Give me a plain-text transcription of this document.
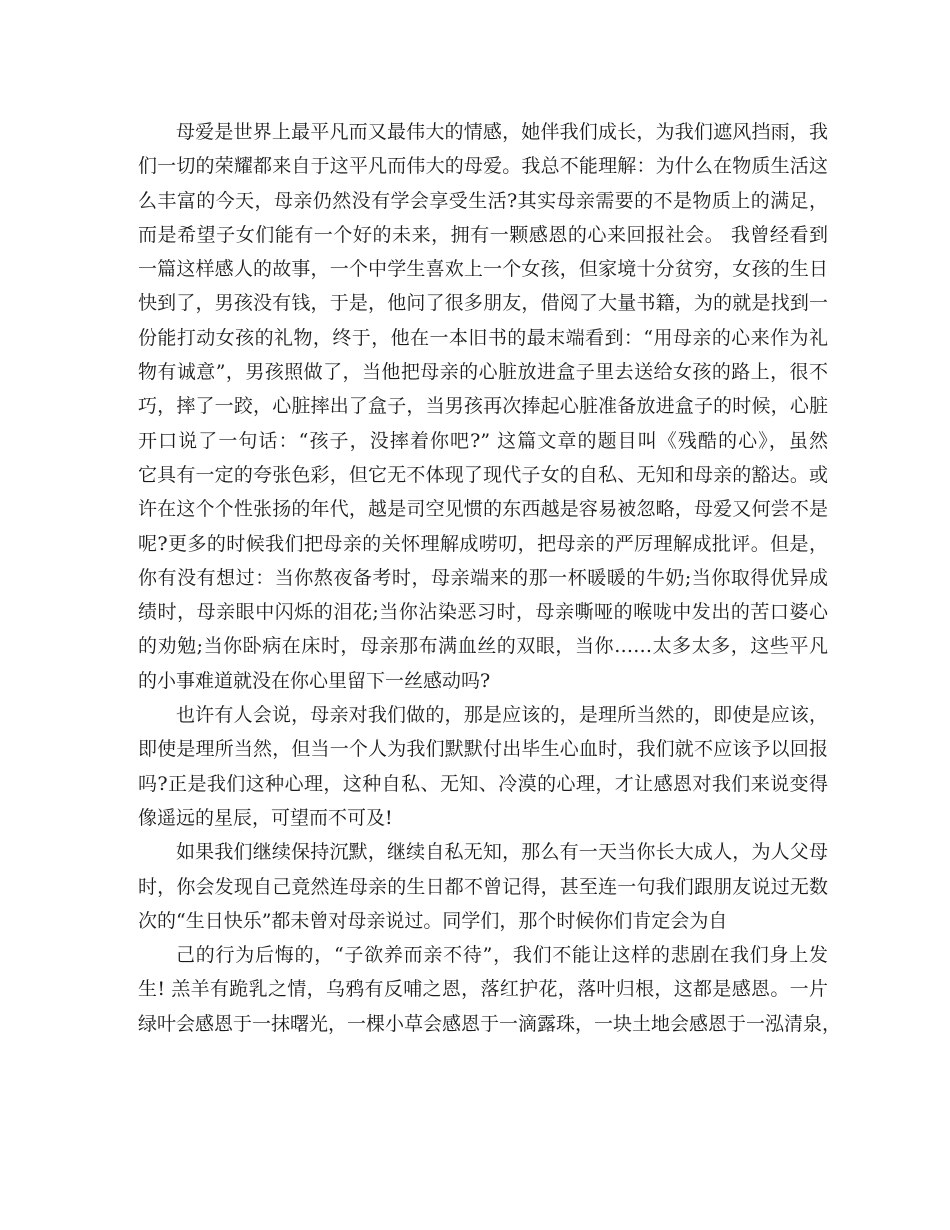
母爱是世界上最平凡而又最伟大的情感，她伴我们成长，为我们遮风挡雨，我
们一切的荣耀都来自于这平凡而伟大的母爱。我总不能理解：为什么在物质生活这
么丰富的今天，母亲仍然没有学会享受生活?其实母亲需要的不是物质上的满足，
而是希望子女们能有一个好的未来，拥有一颗感恩的心来回报社会。 我曾经看到
一篇这样感人的故事，一个中学生喜欢上一个女孩，但家境十分贫穷，女孩的生日
快到了，男孩没有钱，于是，他问了很多朋友，借阅了大量书籍，为的就是找到一
份能打动女孩的礼物，终于，他在一本旧书的最末端看到：“用母亲的心来作为礼
物有诚意”，男孩照做了，当他把母亲的心脏放进盒子里去送给女孩的路上，很不
巧，摔了一跤，心脏摔出了盒子，当男孩再次捧起心脏准备放进盒子的时候，心脏
开口说了一句话：“孩子，没摔着你吧?” 这篇文章的题目叫《残酷的心》，虽然
它具有一定的夸张色彩，但它无不体现了现代子女的自私、无知和母亲的豁达。或
许在这个个性张扬的年代，越是司空见惯的东西越是容易被忽略，母爱又何尝不是
呢?更多的时候我们把母亲的关怀理解成唠叨，把母亲的严厉理解成批评。但是，
你有没有想过：当你熬夜备考时，母亲端来的那一杯暖暖的牛奶;当你取得优异成
绩时，母亲眼中闪烁的泪花;当你沾染恶习时，母亲嘶哑的喉咙中发出的苦口婆心
的劝勉;当你卧病在床时，母亲那布满血丝的双眼，当你……太多太多，这些平凡
的小事难道就没在你心里留下一丝感动吗?
也许有人会说，母亲对我们做的，那是应该的，是理所当然的，即使是应该，
即使是理所当然，但当一个人为我们默默付出毕生心血时，我们就不应该予以回报
吗?正是我们这种心理，这种自私、无知、冷漠的心理，才让感恩对我们来说变得
像遥远的星辰，可望而不可及!
如果我们继续保持沉默，继续自私无知，那么有一天当你长大成人，为人父母
时，你会发现自己竟然连母亲的生日都不曾记得，甚至连一句我们跟朋友说过无数
次的“生日快乐”都未曾对母亲说过。同学们，那个时候你们肯定会为自
己的行为后悔的，“子欲养而亲不待”，我们不能让这样的悲剧在我们身上发
生! 羔羊有跪乳之情，乌鸦有反哺之恩，落红护花，落叶归根，这都是感恩。一片
绿叶会感恩于一抹曙光，一棵小草会感恩于一滴露珠，一块土地会感恩于一泓清泉，
